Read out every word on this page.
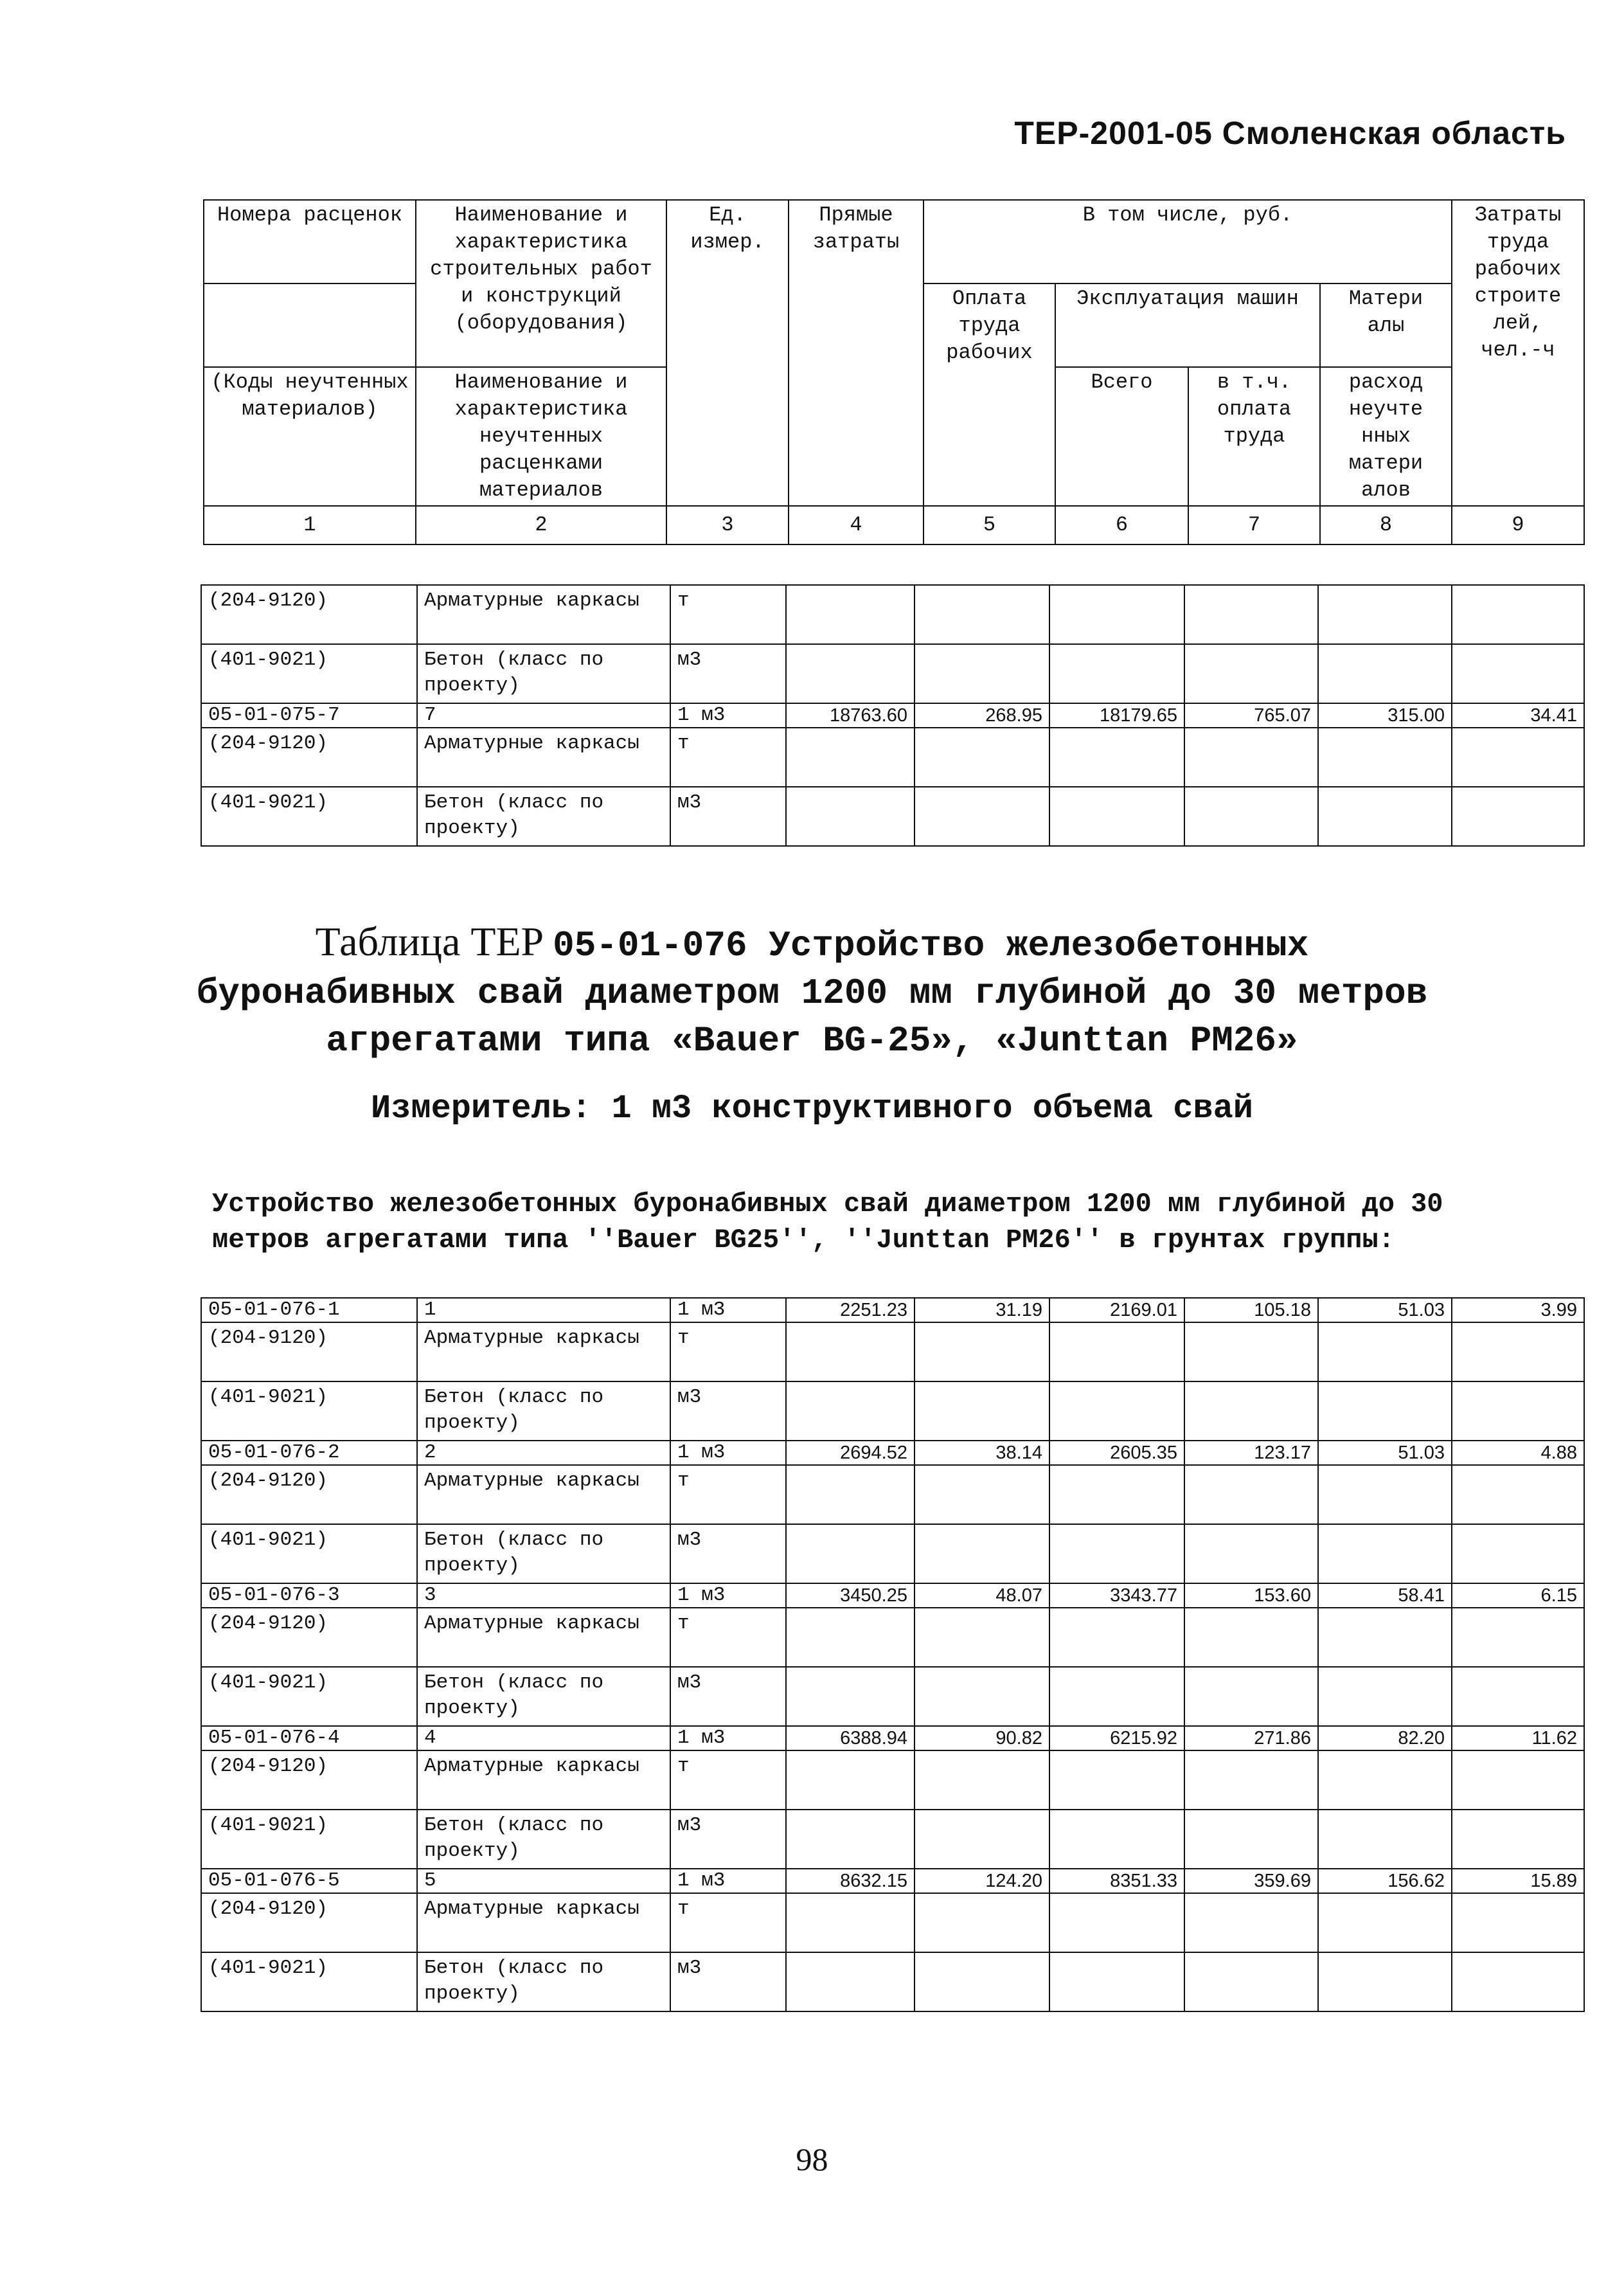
ТЕР-2001-05 Смоленская область
Номера расценок	Наименование и характеристика строительных работ и конструкций (оборудования)	Ед. измер.	Прямые затраты	В том числе, руб.				Затраты труда рабочих строите лей, чел.-ч
				Оплата труда рабочих	Эксплуатация машин		Матери алы	
(Коды неучтенных материалов)	Наименование и характеристика неучтенных расценками материалов				Всего	в т.ч. оплата труда	расход неучте нных матери алов	
1	2	3	4	5	6	7	8	9
(204-9120)	Арматурные каркасы	т						
(401-9021)	Бетон (класс по проекту)	м3						
05-01-075-7	7	1 м3	18763.60	268.95	18179.65	765.07	315.00	34.41
(204-9120)	Арматурные каркасы	т						
(401-9021)	Бетон (класс по проекту)	м3						
Таблица ТЕР 05-01-076 Устройство железобетонных
буронабивных свай диаметром 1200 мм глубиной до 30 метров
агрегатами типа «Bauer BG-25», «Junttan PM26»
Измеритель: 1 м3 конструктивного объема свай
Устройство железобетонных буронабивных свай диаметром 1200 мм глубиной до 30 метров агрегатами типа ''Bauer BG25'', ''Junttan PM26'' в грунтах группы:
05-01-076-1	1	1 м3	2251.23	31.19	2169.01	105.18	51.03	3.99
(204-9120)	Арматурные каркасы	т						
(401-9021)	Бетон (класс по проекту)	м3						
05-01-076-2	2	1 м3	2694.52	38.14	2605.35	123.17	51.03	4.88
(204-9120)	Арматурные каркасы	т						
(401-9021)	Бетон (класс по проекту)	м3						
05-01-076-3	3	1 м3	3450.25	48.07	3343.77	153.60	58.41	6.15
(204-9120)	Арматурные каркасы	т						
(401-9021)	Бетон (класс по проекту)	м3						
05-01-076-4	4	1 м3	6388.94	90.82	6215.92	271.86	82.20	11.62
(204-9120)	Арматурные каркасы	т						
(401-9021)	Бетон (класс по проекту)	м3						
05-01-076-5	5	1 м3	8632.15	124.20	8351.33	359.69	156.62	15.89
(204-9120)	Арматурные каркасы	т						
(401-9021)	Бетон (класс по проекту)	м3						
98
